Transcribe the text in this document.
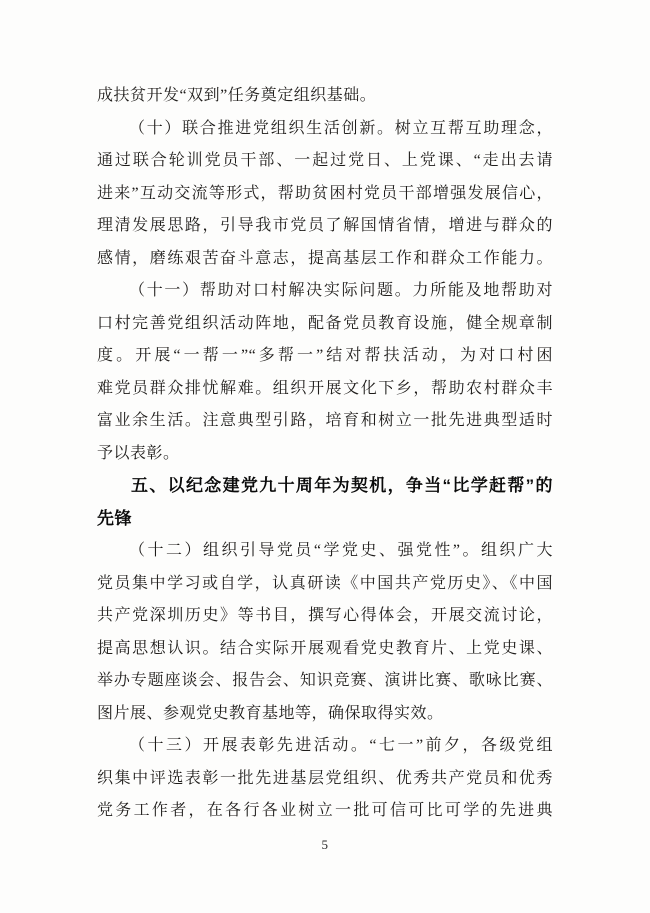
成扶贫开发“双到”任务奠定组织基础。
（十）联合推进党组织生活创新。树立互帮互助理念，
通过联合轮训党员干部、一起过党日、上党课、“走出去请
进来”互动交流等形式，帮助贫困村党员干部增强发展信心，
理清发展思路，引导我市党员了解国情省情，增进与群众的
感情，磨练艰苦奋斗意志，提高基层工作和群众工作能力。
（十一）帮助对口村解决实际问题。力所能及地帮助对
口村完善党组织活动阵地，配备党员教育设施，健全规章制
度。开展“一帮一”“多帮一”结对帮扶活动，为对口村困
难党员群众排忧解难。组织开展文化下乡，帮助农村群众丰
富业余生活。注意典型引路，培育和树立一批先进典型适时
予以表彰。
五、以纪念建党九十周年为契机，争当“比学赶帮”的
先锋
（十二）组织引导党员“学党史、强党性”。组织广大
党员集中学习或自学，认真研读《中国共产党历史》、《中国
共产党深圳历史》等书目，撰写心得体会，开展交流讨论，
提高思想认识。结合实际开展观看党史教育片、上党史课、
举办专题座谈会、报告会、知识竞赛、演讲比赛、歌咏比赛、
图片展、参观党史教育基地等，确保取得实效。
（十三）开展表彰先进活动。“七一”前夕，各级党组
织集中评选表彰一批先进基层党组织、优秀共产党员和优秀
党务工作者，在各行各业树立一批可信可比可学的先进典
5
